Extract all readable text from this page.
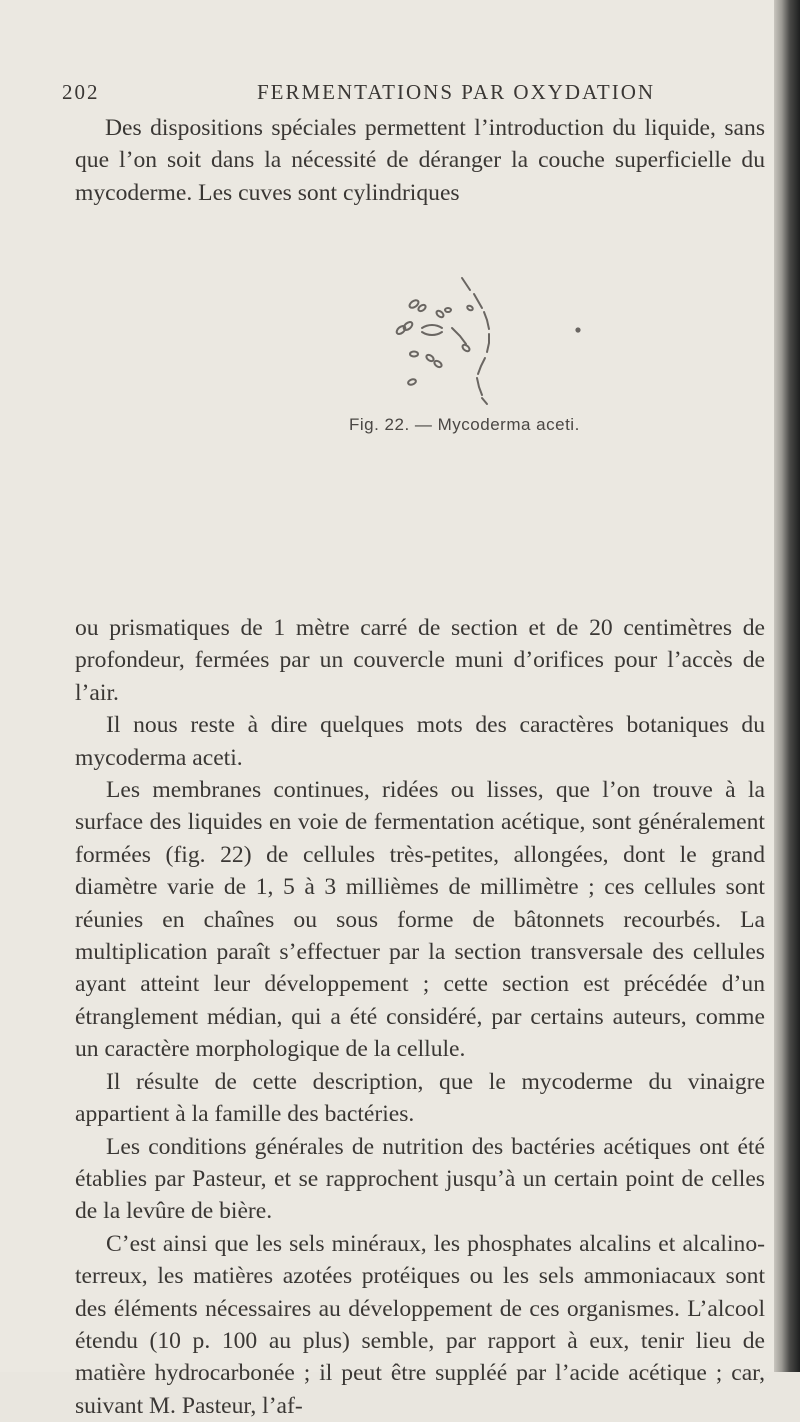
202	FERMENTATIONS PAR OXYDATION

Des dispositions spéciales permettent l’introduction du liquide, sans que l’on soit dans la nécessité de déranger la couche superficielle du mycoderme. Les cuves sont cylindriques

Fig. 22. — Mycoderma aceti.

ou prismatiques de 1 mètre carré de section et de 20 centimètres de profondeur, fermées par un couvercle muni d’orifices pour l’accès de l’air.

Il nous reste à dire quelques mots des caractères botaniques du mycoderma aceti.

Les membranes continues, ridées ou lisses, que l’on trouve à la surface des liquides en voie de fermentation acétique, sont généralement formées (fig. 22) de cellules très-petites, allongées, dont le grand diamètre varie de 1, 5 à 3 millièmes de millimètre ; ces cellules sont réunies en chaînes ou sous forme de bâtonnets recourbés. La multiplication paraît s’effectuer par la section transversale des cellules ayant atteint leur développement ; cette section est précédée d’un étranglement médian, qui a été considéré, par certains auteurs, comme un caractère morphologique de la cellule.

Il résulte de cette description, que le mycoderme du vinaigre appartient à la famille des bactéries.

Les conditions générales de nutrition des bactéries acétiques ont été établies par Pasteur, et se rapprochent jusqu’à un certain point de celles de la levûre de bière.

C’est ainsi que les sels minéraux, les phosphates alcalins et alcalino-terreux, les matières azotées protéiques ou les sels ammoniacaux sont des éléments nécessaires au développement de ces organismes. L’alcool étendu (10 p. 100 au plus) semble, par rapport à eux, tenir lieu de matière hydrocarbonée ; il peut être suppléé par l’acide acétique ; car, suivant M. Pasteur, l’af-
